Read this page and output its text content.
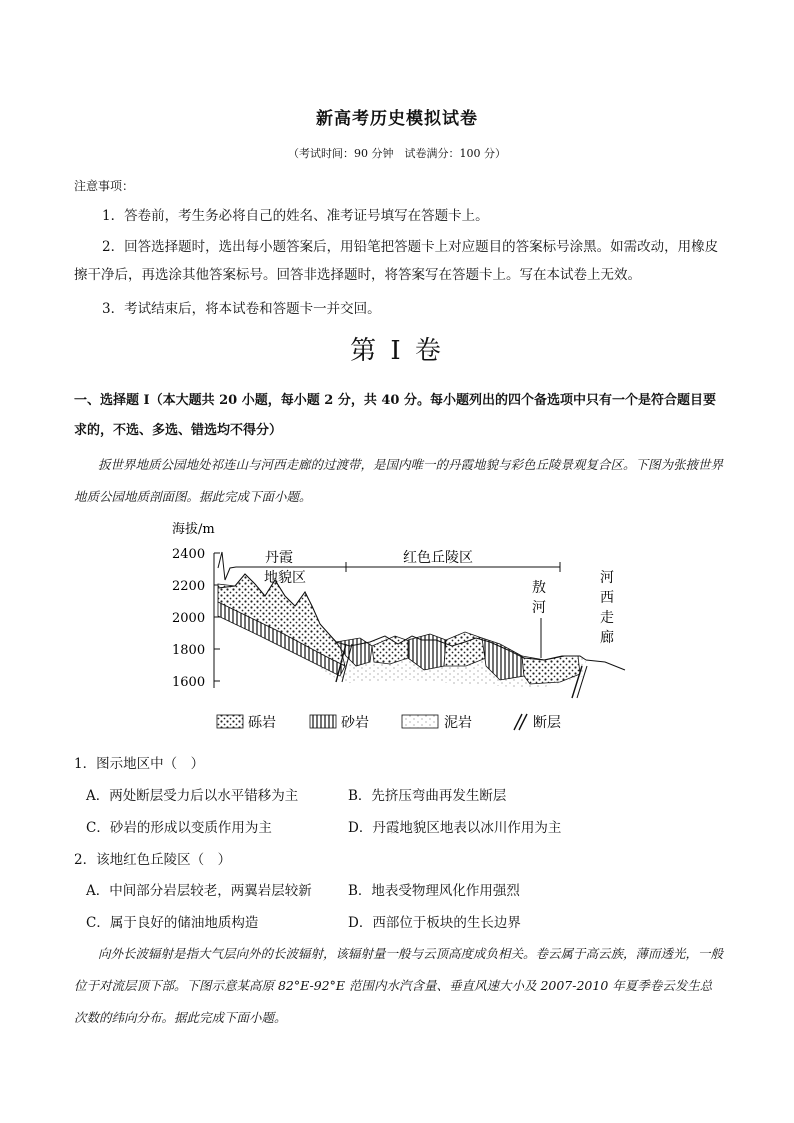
新高考历史模拟试卷
（考试时间：90 分钟　试卷满分：100 分）
注意事项：
1．答卷前，考生务必将自己的姓名、准考证号填写在答题卡上。
2．回答选择题时，选出每小题答案后，用铅笔把答题卡上对应题目的答案标号涂黑。如需改动，用橡皮擦干净后，再选涂其他答案标号。回答非选择题时，将答案写在答题卡上。写在本试卷上无效。
3．考试结束后，将本试卷和答题卡一并交回。
第 I 卷
一、选择题 I（本大题共 20 小题，每小题 2 分，共 40 分。每小题列出的四个备选项中只有一个是符合题目要求的，不选、多选、错选均不得分）
扳世界地质公园地处祁连山与河西走廊的过渡带，是国内唯一的丹霞地貌与彩色丘陵景观复合区。下图为张掖世界地质公园地质剖面图。据此完成下面小题。
海拔/m
2400
2200
2000
1800
1600
丹霞
地貌区
红色丘陵区
敖
河
河
西
走
廊
砾岩	砂岩	泥岩	断层
1．图示地区中（　）
A．两处断层受力后以水平错移为主	B．先挤压弯曲再发生断层
C．砂岩的形成以变质作用为主	D．丹霞地貌区地表以冰川作用为主
2．该地红色丘陵区（　）
A．中间部分岩层较老，两翼岩层较新	B．地表受物理风化作用强烈
C．属于良好的储油地质构造	D．西部位于板块的生长边界
向外长波辐射是指大气层向外的长波辐射，该辐射量一般与云顶高度成负相关。卷云属于高云族，薄而透光，一般位于对流层顶下部。下图示意某高原 82°E-92°E 范围内水汽含量、垂直风速大小及 2007-2010 年夏季卷云发生总次数的纬向分布。据此完成下面小题。
